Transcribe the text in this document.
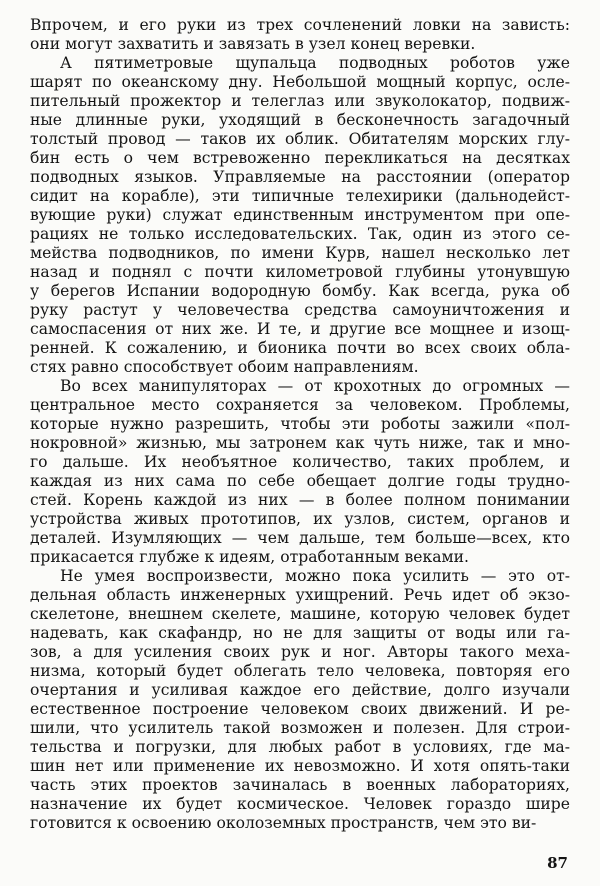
Впрочем, и его руки из трех сочленений ловки на зависть:
они могут захватить и завязать в узел конец веревки.

А пятиметровые щупальца подводных роботов уже
шарят по океанскому дну. Небольшой мощный корпус, осле-
пительный прожектор и телеглаз или звуколокатор, подвиж-
ные длинные руки, уходящий в бесконечность загадочный
толстый провод — таков их облик. Обитателям морских глу-
бин есть о чем встревоженно перекликаться на десятках
подводных языков. Управляемые на расстоянии (оператор
сидит на корабле), эти типичные телехирики (дальнодейст-
вующие руки) служат единственным инструментом при опе-
рациях не только исследовательских. Так, один из этого се-
мейства подводников, по имени Курв, нашел несколько лет
назад и поднял с почти километровой глубины утонувшую
у берегов Испании водородную бомбу. Как всегда, рука об
руку растут у человечества средства самоуничтожения и
самоспасения от них же. И те, и другие все мощнее и изощ-
ренней. К сожалению, и бионика почти во всех своих обла-
стях равно способствует обоим направлениям.

Во всех манипуляторах — от крохотных до огромных —
центральное место сохраняется за человеком. Проблемы,
которые нужно разрешить, чтобы эти роботы зажили «пол-
нокровной» жизнью, мы затронем как чуть ниже, так и мно-
го дальше. Их необъятное количество, таких проблем, и
каждая из них сама по себе обещает долгие годы трудно-
стей. Корень каждой из них — в более полном понимании
устройства живых прототипов, их узлов, систем, органов и
деталей. Изумляющих — чем дальше, тем больше—всех, кто
прикасается глубже к идеям, отработанным веками.

Не умея воспроизвести, можно пока усилить — это от-
дельная область инженерных ухищрений. Речь идет об экзо-
скелетоне, внешнем скелете, машине, которую человек будет
надевать, как скафандр, но не для защиты от воды или га-
зов, а для усиления своих рук и ног. Авторы такого меха-
низма, который будет облегать тело человека, повторяя его
очертания и усиливая каждое его действие, долго изучали
естественное построение человеком своих движений. И ре-
шили, что усилитель такой возможен и полезен. Для строи-
тельства и погрузки, для любых работ в условиях, где ма-
шин нет или применение их невозможно. И хотя опять-таки
часть этих проектов зачиналась в военных лабораториях,
назначение их будет космическое. Человек гораздо шире
готовится к освоению околоземных пространств, чем это ви-

87
